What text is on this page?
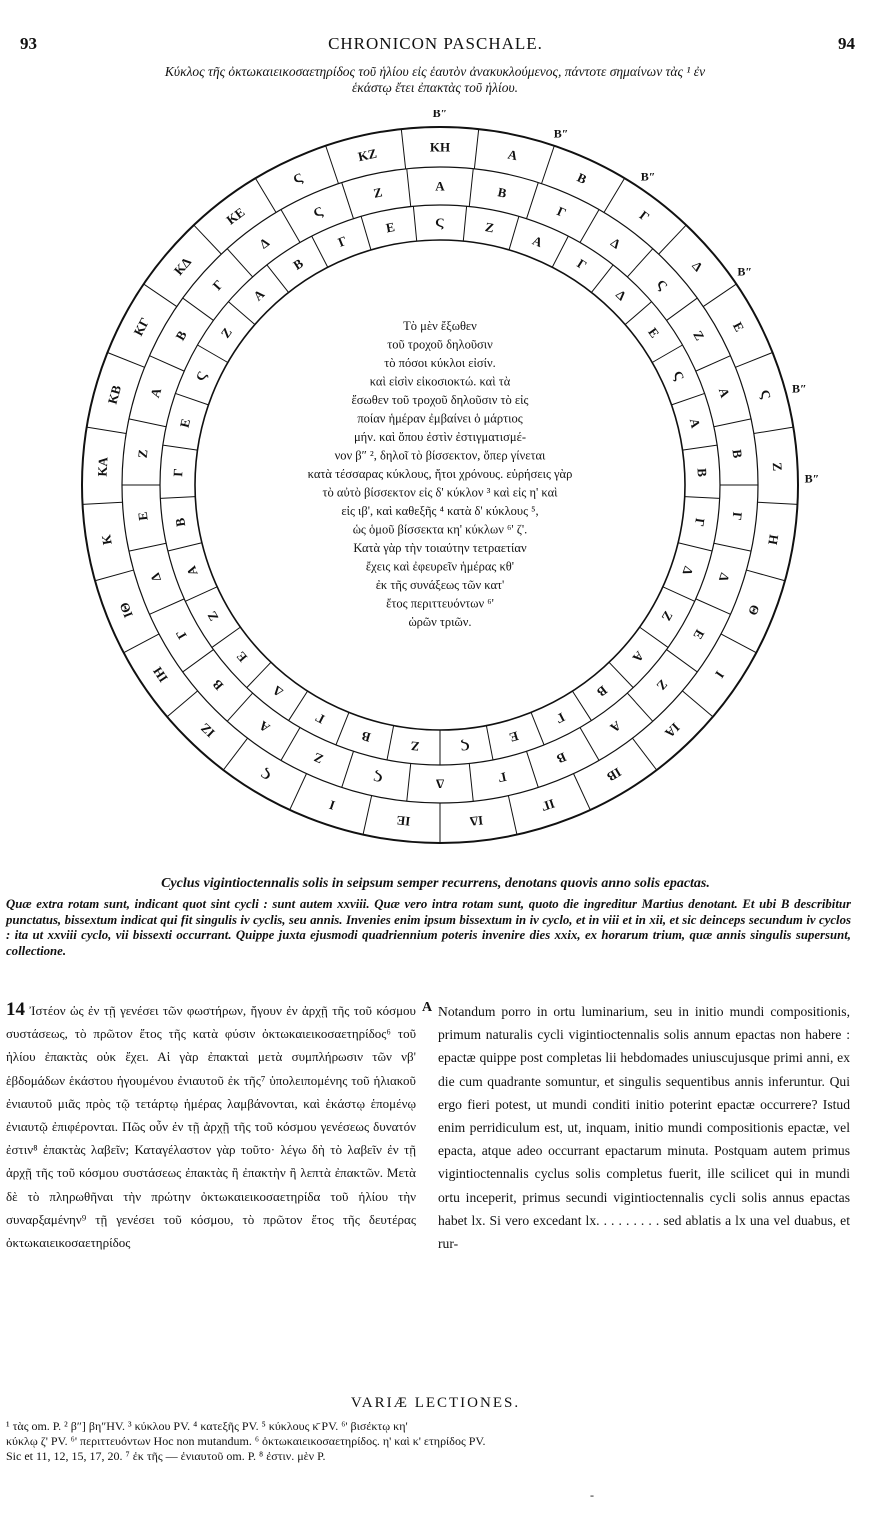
93	CHRONICON PASCHALE.	94
Κύκλος τῆς ὀκτωκαιεικοσαετηρίδος τοῦ ἡλίου εἰς ἑαυτὸν ἀνακυκλούμενος, πάντοτε σημαίνων τὰς ¹ ἐν
ἑκάστῳ ἔτει ἐπακτὰς τοῦ ἡλίου.
ΚΗ	Α
Β
Γ
Δ
Ε
Ϛ
Ζ
Η
Θ
Ι
ΙΑ
ΙΒ
ΙΓ
ΙΔ
ΙΕ
Ι
Ϛ
ΙΖ
ΙΗ
ΙΘ
Κ
ΚΑ
ΚΒ
ΚΓ
ΚΔ
ΚΕ
Ϛ
ΚΖ
Α	Β
Γ
Δ
Ϛ
Ζ
Α
Β
Γ
Δ
Ε
Ζ
Α
Β
Γ
Δ
Ϛ
Ζ
Α
Β
Γ
Δ
Ε
Ζ
Α
Β
Γ
Δ
Ϛ
Ζ
Ϛ	Ζ
Α
Γ
Δ
Ε
Ϛ
Α
Β
Γ
Δ
Ζ
Α
Β
Γ
Ε
Ϛ
Ζ
Β
Γ
Δ
Ε
Ζ
Α
Β
Γ
Ε
Ϛ
Ζ
Α
Β
Γ
Ε
B″
B″
B″
B″
B″
B″
Τὸ μὲν ἔξωθεν
τοῦ τροχοῦ δηλοῦσιν
τὸ πόσοι κύκλοι εἰσίν.
καὶ εἰσὶν εἰκοσιοκτώ. καὶ τὰ
ἔσωθεν τοῦ τροχοῦ δηλοῦσιν τὸ εἰς
ποίαν ἡμέραν ἐμβαίνει ὁ μάρτιος
μήν. καὶ ὅπου ἐστὶν ἐστιγματισμέ-
νον β″ ², δηλοῖ τὸ βίσσεκτον, ὅπερ γίνεται
κατὰ τέσσαρας κύκλους, ἤτοι χρόνους. εὑρήσεις γὰρ
τὸ αὐτὸ βίσσεκτον εἰς δ' κύκλον ³ καὶ εἰς η' καὶ
εἰς ιβ', καὶ καθεξῆς ⁴ κατὰ δ' κύκλους ⁵,
ὡς ὁμοῦ βίσσεκτα κη' κύκλων ⁶' ζ'.
Κατὰ γὰρ τὴν τοιαύτην τετραετίαν
ἔχεις καὶ ἐφευρεῖν ἡμέρας κθ'
ἐκ τῆς συνάξεως τῶν κατ'
ἔτος περιττευόντων ⁶'
ὡρῶν τριῶν.
Cyclus vigintioctennalis solis in seipsum semper recurrens, denotans quovis anno solis epactas.
Quæ extra rotam sunt, indicant quot sint cycli : sunt autem xxviii. Quæ vero intra rotam sunt, quoto die ingreditur Martius denotant. Et ubi B describitur punctatus, bissextum indicat qui fit singulis iv cyclis, seu annis. Invenies enim ipsum bissextum in iv cyclo, et in viii et in xii, et sic deinceps secundum iv cyclos : ita ut xxviii cyclo, vii bissexti occurrant. Quippe juxta ejusmodi quadriennium poteris invenire dies xxix, ex horarum trium, quæ annis singulis supersunt, collectione.
14 Ἰστέον ὡς ἐν τῇ γενέσει τῶν φωστήρων, ἤγουν ἐν ἀρχῇ τῆς τοῦ κόσμου συστάσεως, τὸ πρῶτον ἔτος τῆς κατὰ φύσιν ὀκτωκαιεικοσαετηρίδος⁶ τοῦ ἡλίου ἐπακτὰς οὐκ ἔχει. Αἱ γὰρ ἐπακταὶ μετὰ συμπλήρωσιν τῶν νβ' ἑβδομάδων ἑκάστου ἡγουμένου ἐνιαυτοῦ ἐκ τῆς⁷ ὑπολειπομένης τοῦ ἡλιακοῦ ἐνιαυτοῦ μιᾶς πρὸς τῷ τετάρτῳ ἡμέρας λαμβάνονται, καὶ ἑκάστῳ ἑπομένῳ ἐνιαυτῷ ἐπιφέρονται. Πῶς οὖν ἐν τῇ ἀρχῇ τῆς τοῦ κόσμου γενέσεως δυνατόν ἐστιν⁸ ἐπακτὰς λαβεῖν; Καταγέλαστον γὰρ τοῦτο· λέγω δὴ τὸ λαβεῖν ἐν τῇ ἀρχῇ τῆς τοῦ κόσμου συστάσεως ἐπακτὰς ἢ ἐπακτὴν ἢ λεπτὰ ἐπακτῶν. Μετὰ δὲ τὸ πληρωθῆναι τὴν πρώτην ὀκτωκαιεικοσαετηρίδα τοῦ ἡλίου τὴν συναρξαμένην⁹ τῇ γενέσει τοῦ κόσμου, τὸ πρῶτον ἔτος τῆς δευτέρας ὀκτωκαιεικοσαετηρίδος
A Notandum porro in ortu luminarium, seu in initio mundi compositionis, primum naturalis cycli vigintioctennalis solis annum epactas non habere : epactæ quippe post completas lii hebdomades uniuscujusque primi anni, ex die cum quadrante somuntur, et singulis sequentibus annis inferuntur. Qui ergo fieri potest, ut mundi conditi initio poterint epactæ occurrere? Istud enim perridiculum est, ut, inquam, initio mundi compositionis epactæ, vel epacta, atque adeo occurrant epactarum minuta. Postquam autem primus vigintioctennalis cyclus solis completus fuerit, ille scilicet qui in mundi ortu inceperit, primus secundi vigintioctennalis cycli solis annus epactas habet lx. Si vero excedant lx. . . . . . . . . sed ablatis a lx una vel duabus, et rur-
VARIÆ LECTIONES.
¹ τὰς om. P. ² β″] βη″HV. ³ κύκλου PV. ⁴ κατεξῆς PV. ⁵ κύκλους κ̄ PV. ⁶' βισέκτῳ κη'
κύκλῳ ζ' PV. ⁶' περιττευόντων Hoc non mutandum. ⁶ ὀκτωκαιεικοσαετηρίδος. η' καὶ κ' ετηρίδος PV.
Sic et 11, 12, 15, 17, 20. ⁷ ἐκ τῆς — ἐνιαυτοῦ om. P. ⁸ ἐστιν. μὲν P.
-
